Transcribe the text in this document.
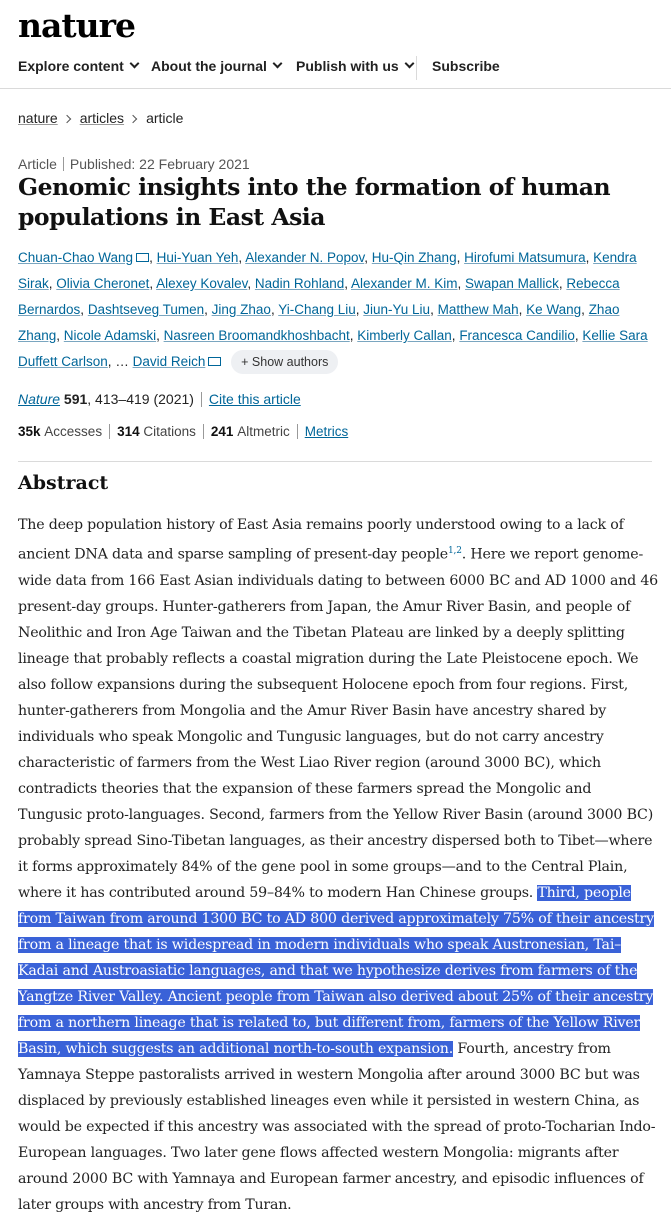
nature
Explore content	About the journal	Publish with us	Subscribe
nature articles article
Article Published: 22 February 2021
Genomic insights into the formation of human populations in East Asia
Chuan-Chao Wang , Hui-Yuan Yeh, Alexander N. Popov, Hu-Qin Zhang, Hirofumi Matsumura, Kendra Sirak, Olivia Cheronet, Alexey Kovalev, Nadin Rohland, Alexander M. Kim, Swapan Mallick, Rebecca Bernardos, Dashtseveg Tumen, Jing Zhao, Yi-Chang Liu, Jiun-Yu Liu, Matthew Mah, Ke Wang, Zhao Zhang, Nicole Adamski, Nasreen Broomandkhoshbacht, Kimberly Callan, Francesca Candilio, Kellie Sara Duffett Carlson, … David Reich	+ Show authors
Nature 591, 413–419 (2021) Cite this article
35k Accesses 314 Citations 241 Altmetric Metrics
Abstract

The deep population history of East Asia remains poorly understood owing to a lack of ancient DNA data and sparse sampling of present-day people$^{1,2}$. Here we report genome-wide data from 166 East Asian individuals dating to between 6000 BC and AD 1000 and 46 present-day groups. Hunter-gatherers from Japan, the Amur River Basin, and people of Neolithic and Iron Age Taiwan and the Tibetan Plateau are linked by a deeply splitting lineage that probably reflects a coastal migration during the Late Pleistocene epoch. We also follow expansions during the subsequent Holocene epoch from four regions. First, hunter-gatherers from Mongolia and the Amur River Basin have ancestry shared by individuals who speak Mongolic and Tungusic languages, but do not carry ancestry characteristic of farmers from the West Liao River region (around 3000 BC), which contradicts theories that the expansion of these farmers spread the Mongolic and Tungusic proto-languages. Second, farmers from the Yellow River Basin (around 3000 BC) probably spread Sino-Tibetan languages, as their ancestry dispersed both to Tibet—where it forms approximately 84% of the gene pool in some groups—and to the Central Plain, where it has contributed around 59–84% to modern Han Chinese groups. Third, people from Taiwan from around 1300 BC to AD 800 derived approximately 75% of their ancestry from a lineage that is widespread in modern individuals who speak Austronesian, Tai–Kadai and Austroasiatic languages, and that we hypothesize derives from farmers of the Yangtze River Valley. Ancient people from Taiwan also derived about 25% of their ancestry from a northern lineage that is related to, but different from, farmers of the Yellow River Basin, which suggests an additional north-to-south expansion. Fourth, ancestry from Yamnaya Steppe pastoralists arrived in western Mongolia after around 3000 BC but was displaced by previously established lineages even while it persisted in western China, as would be expected if this ancestry was associated with the spread of proto-Tocharian Indo-European languages. Two later gene flows affected western Mongolia: migrants after around 2000 BC with Yamnaya and European farmer ancestry, and episodic influences of later groups with ancestry from Turan.
